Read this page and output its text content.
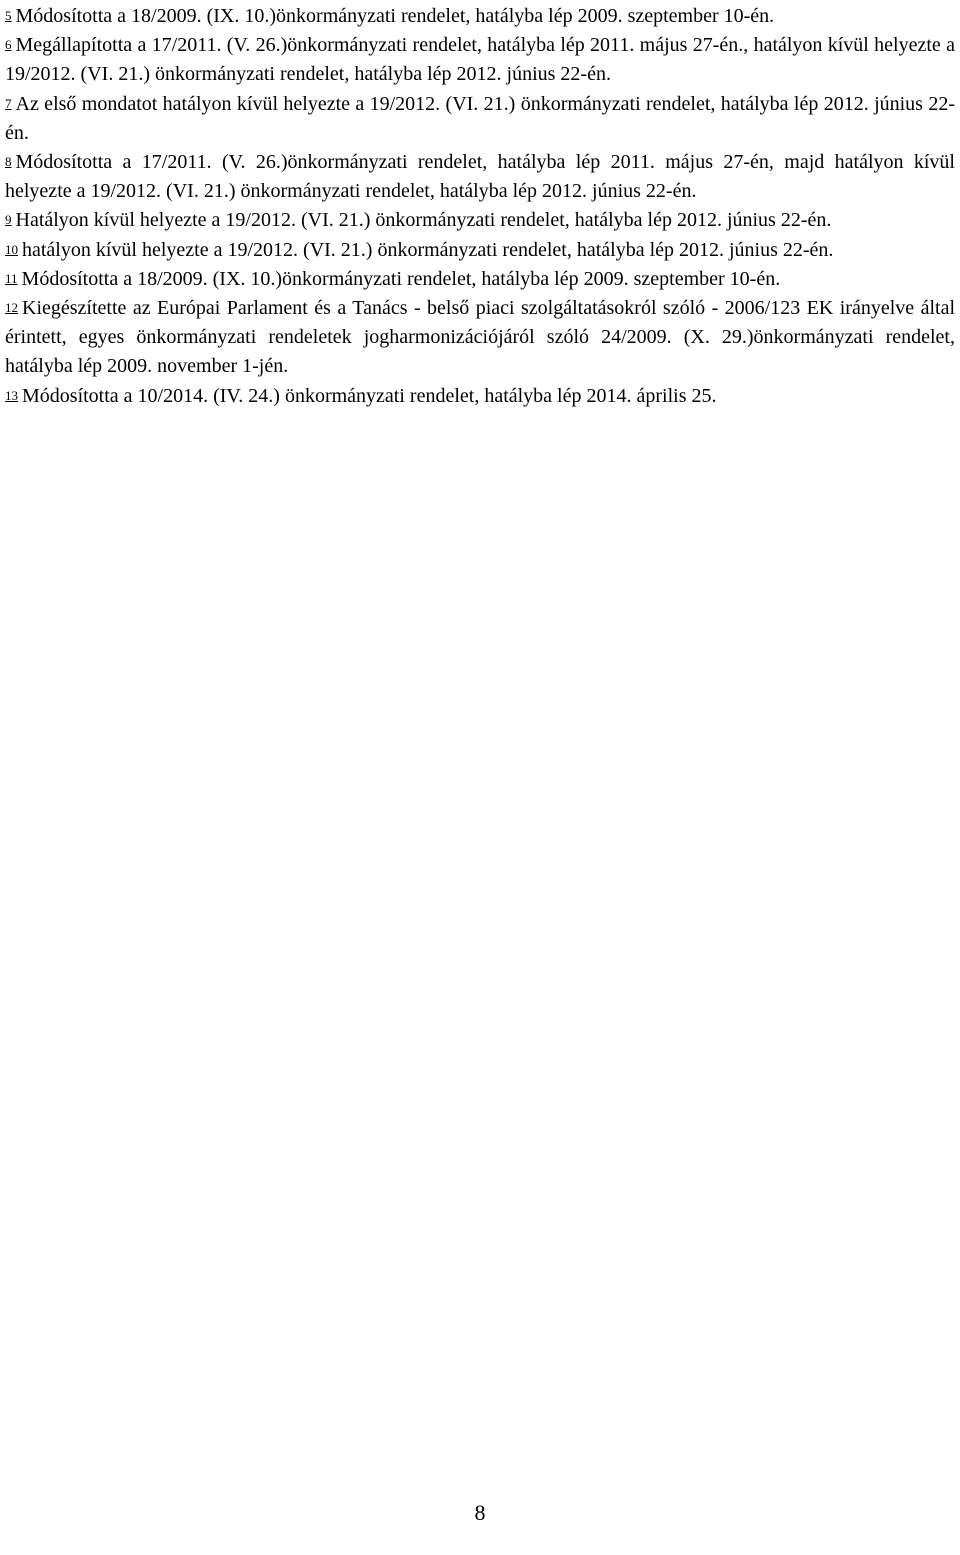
$^5$ Módosította a 18/2009. (IX. 10.)önkormányzati rendelet, hatályba lép 2009. szeptember 10-én.

$^6$ Megállapította a 17/2011. (V. 26.)önkormányzati rendelet, hatályba lép 2011. május 27-én., hatályon kívül helyezte a 19/2012. (VI. 21.) önkormányzati rendelet, hatályba lép 2012. június 22-én.

$^7$ Az első mondatot hatályon kívül helyezte a 19/2012. (VI. 21.) önkormányzati rendelet, hatályba lép 2012. június 22-én.

$^8$ Módosította a 17/2011. (V. 26.)önkormányzati rendelet, hatályba lép 2011. május 27-én, majd hatályon kívül helyezte a 19/2012. (VI. 21.) önkormányzati rendelet, hatályba lép 2012. június 22-én.

$^9$ Hatályon kívül helyezte a 19/2012. (VI. 21.) önkormányzati rendelet, hatályba lép 2012. június 22-én.

$^{10}$ hatályon kívül helyezte a 19/2012. (VI. 21.) önkormányzati rendelet, hatályba lép 2012. június 22-én.

$^{11}$ Módosította a 18/2009. (IX. 10.)önkormányzati rendelet, hatályba lép 2009. szeptember 10-én.

$^{12}$ Kiegészítette az Európai Parlament és a Tanács - belső piaci szolgáltatásokról szóló - 2006/123 EK irányelve által érintett, egyes önkormányzati rendeletek jogharmonizációjáról szóló 24/2009. (X. 29.)önkormányzati rendelet, hatályba lép 2009. november 1-jén.

$^{13}$ Módosította a 10/2014. (IV. 24.) önkormányzati rendelet, hatályba lép 2014. április 25.

8
